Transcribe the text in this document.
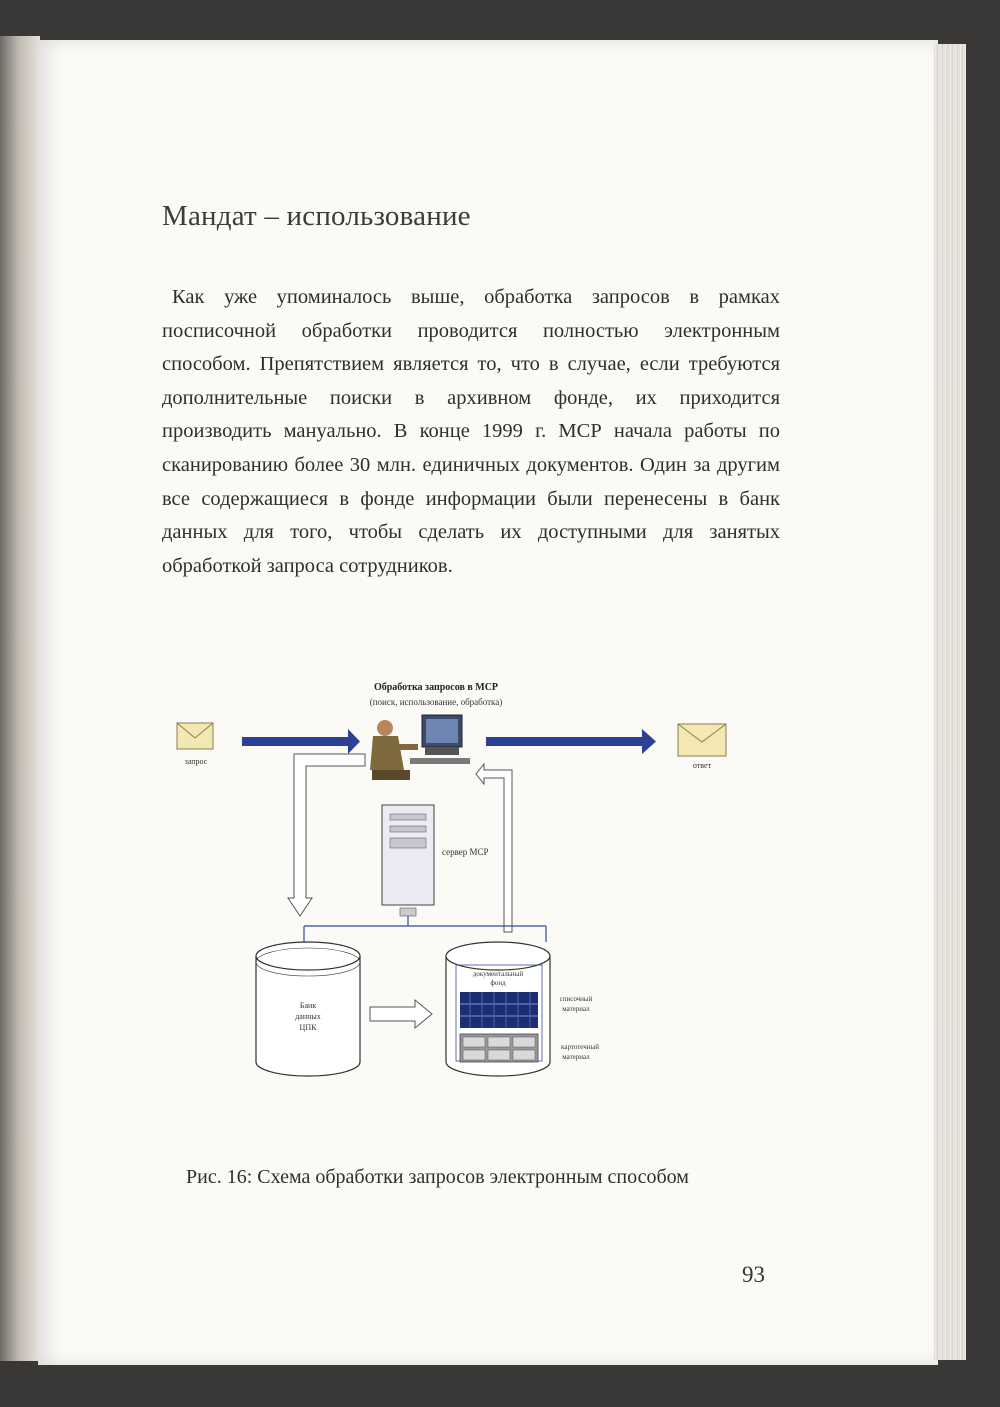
Мандат – использование
Как уже упоминалось выше, обработка запросов в рамках посписочной обработки проводится полностью электронным способом. Препятствием является то, что в случае, если требуются дополнительные поиски в архивном фонде, их приходится производить мануально. В конце 1999 г. МСР начала работы по сканированию более 30 млн. единичных документов. Один за другим все содержащиеся в фонде информации были перенесены в банк данных для того, чтобы сделать их доступными для занятых обработкой запроса сотрудников.
Обработка запросов в МСР
(поиск, использование, обработка)
запрос	ответ
сервер МСР
Банк
данных
ЦПК
документальный
фонд
списочный
материал
картотечный
материал
Рис. 16: Схема обработки запросов электронным способом
93
